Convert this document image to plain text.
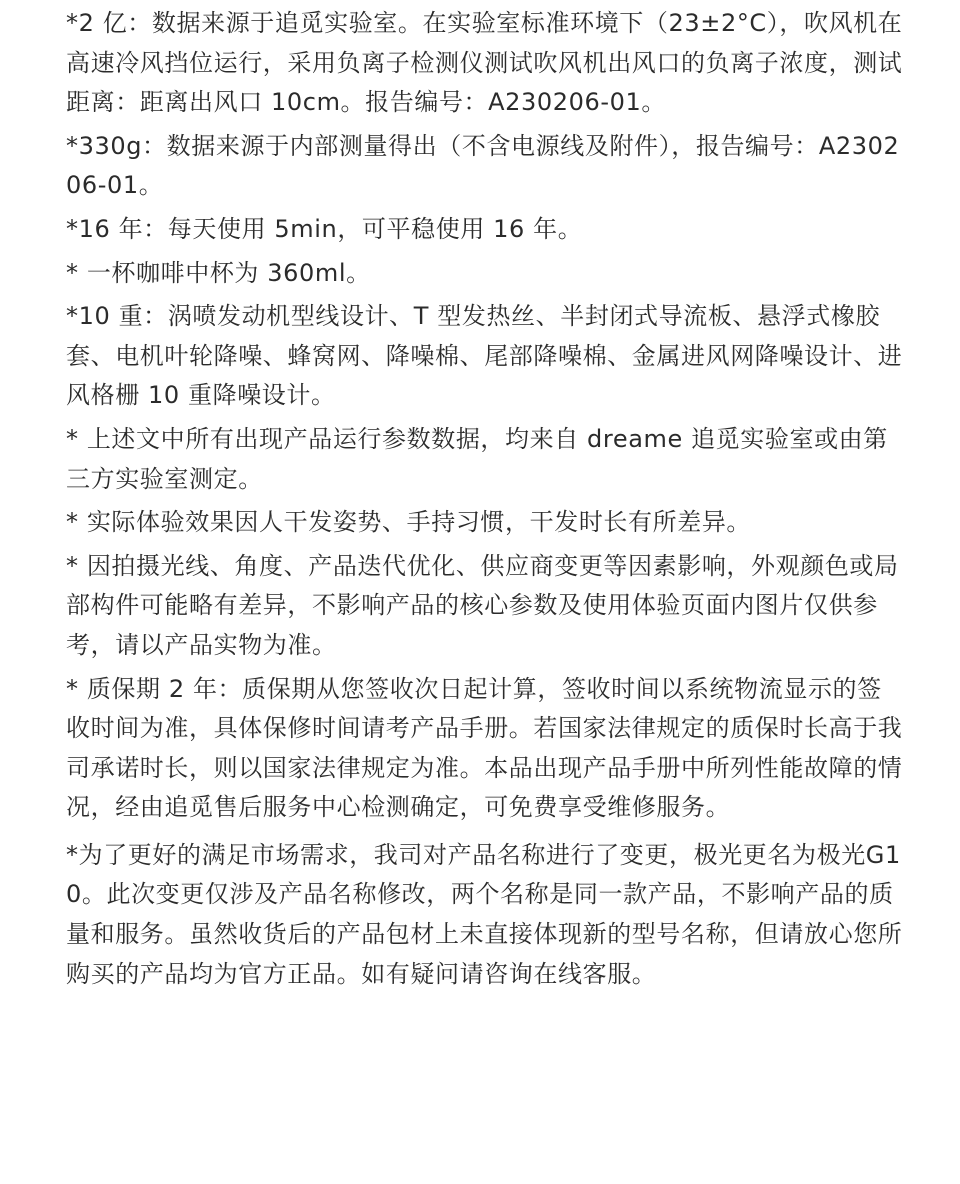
*2 亿：数据来源于追觅实验室。在实验室标准环境下（23±2°C），吹风机在高速冷风挡位运行，采用负离子检测仪测试吹风机出风口的负离子浓度，测试距离：距离出风口 10cm。报告编号：A230206-01。
*330g：数据来源于内部测量得出（不含电源线及附件），报告编号：A230206-01。
*16 年：每天使用 5min，可平稳使用 16 年。
* 一杯咖啡中杯为 360ml。
*10 重：涡喷发动机型线设计、T 型发热丝、半封闭式导流板、悬浮式橡胶套、电机叶轮降噪、蜂窝网、降噪棉、尾部降噪棉、金属进风网降噪设计、进风格栅 10 重降噪设计。
* 上述文中所有出现产品运行参数数据，均来自 dreame 追觅实验室或由第三方实验室测定。
* 实际体验效果因人干发姿势、手持习惯，干发时长有所差异。
* 因拍摄光线、角度、产品迭代优化、供应商变更等因素影响，外观颜色或局部构件可能略有差异，不影响产品的核心参数及使用体验页面内图片仅供参考，请以产品实物为准。
* 质保期 2 年：质保期从您签收次日起计算，签收时间以系统物流显示的签收时间为准，具体保修时间请考产品手册。若国家法律规定的质保时长高于我司承诺时长，则以国家法律规定为准。本品出现产品手册中所列性能故障的情况，经由追觅售后服务中心检测确定，可免费享受维修服务。
*为了更好的满足市场需求，我司对产品名称进行了变更，极光更名为极光G10。此次变更仅涉及产品名称修改，两个名称是同一款产品，不影响产品的质量和服务。虽然收货后的产品包材上未直接体现新的型号名称，但请放心您所购买的产品均为官方正品。如有疑问请咨询在线客服。
